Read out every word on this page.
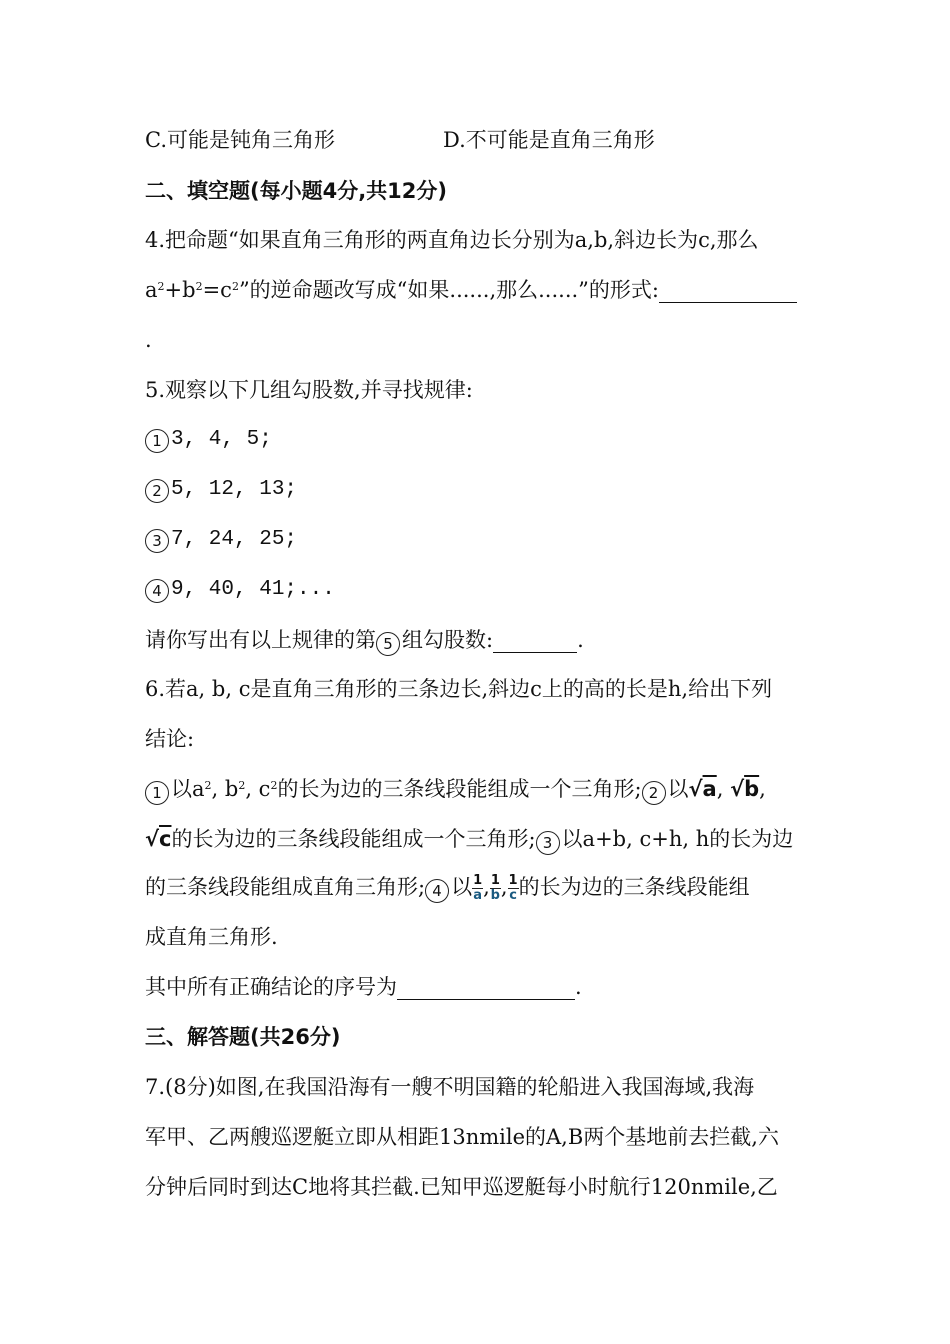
C.可能是钝角三角形	D.不可能是直角三角形
二、填空题(每小题4分,共12分)
4.把命题“如果直角三角形的两直角边长分别为a,b,斜边长为c,那么
$a^2+b^2=c^2$”的逆命题改写成“如果......,那么......”的形式:
.
5.观察以下几组勾股数,并寻找规律:
1 3, 4, 5;
2 5, 12, 13;
3 7, 24, 25;
4 9, 40, 41;...
请你写出有以上规律的第 5 组勾股数:	.
6.若a, b, c是直角三角形的三条边长,斜边c上的高的长是h,给出下列
结论:
1 以$a^2$, $b^2$, $c^2$的长为边的三条线段能组成一个三角形; 2 以√a, √b,
√c的长为边的三条线段能组成一个三角形; 3 以a+b, c+h, h的长为边
的三条线段能组成直角三角形; 4 以 $\frac{1}{a}$ , $\frac{1}{b}$ , $\frac{1}{c}$ 的长为边的三条线段能组
成直角三角形.
其中所有正确结论的序号为	.
三、解答题(共26分)
7.(8分)如图,在我国沿海有一艘不明国籍的轮船进入我国海域,我海
军甲、乙两艘巡逻艇立即从相距13nmile的A,B两个基地前去拦截,六
分钟后同时到达C地将其拦截.已知甲巡逻艇每小时航行120nmile,乙
